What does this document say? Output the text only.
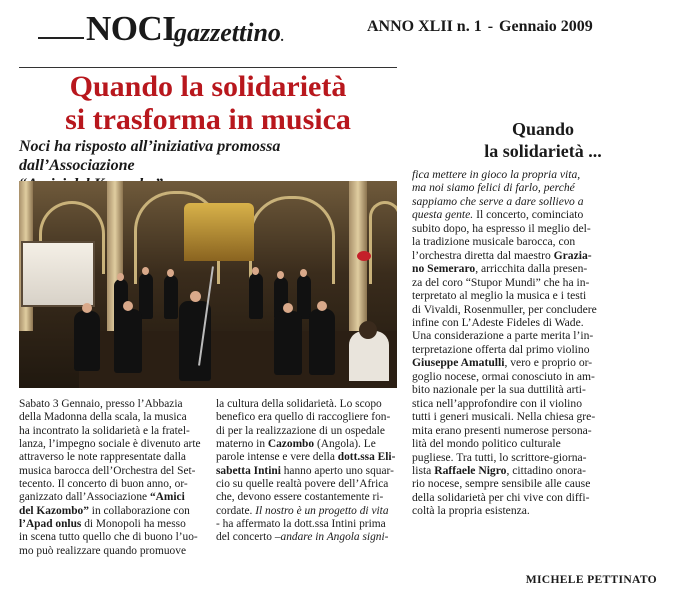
NOCI
gazzettino.
ANNO XLII n. 1 - Gennaio 2009
Quando la solidarietà
si trasforma in musica
Noci ha risposto all’iniziativa promossa dall’Associazione

Sabato 3 Gennaio, presso l’Abbazia

della Madonna della scala, la musica

ha incontrato la solidarietà e la fratel-

lanza, l’impegno sociale è divenuto arte

attraverso le note rappresentate dalla

musica barocca dell’Orchestra del Set-

tecento. Il concerto di buon anno, or-

ganizzato dall’Associazione “Amici

del Kazombo” in collaborazione con

l’Apad onlus di Monopoli ha messo

in scena tutto quello che di buono l’uo-

mo può realizzare quando promuove

la cultura della solidarietà. Lo scopo

benefico era quello di raccogliere fon-

di per la realizzazione di un ospedale

materno in Cazombo (Angola). Le

parole intense e vere della dott.ssa Eli-

sabetta Intini hanno aperto uno squar-

cio su quelle realtà povere dell’Africa

che, devono essere costantemente ri-

cordate. Il nostro è un progetto di vita

- ha affermato la dott.ssa Intini prima

del concerto –andare in Angola signi-

Quando
la solidarietà ...
fica mettere in gioco la propria vita,
ma noi siamo felici di farlo, perché
sappiamo che serve a dare sollievo a
questa gente. Il concerto, cominciato
subito dopo, ha espresso il meglio del-
la tradizione musicale barocca, con
l’orchestra diretta dal maestro Grazia-
no Semeraro, arricchita dalla presen-
za del coro “Stupor Mundi” che ha in-
terpretato al meglio la musica e i testi
di Vivaldi, Rosenmuller, per concludere
infine con L’Adeste Fideles di Wade.
Una considerazione a parte merita l’in-
terpretazione offerta dal primo violino
Giuseppe Amatulli, vero e proprio or-
goglio nocese, ormai conosciuto in am-
bito nazionale per la sua duttilità arti-
stica nell’approfondire con il violino
tutti i generi musicali. Nella chiesa gre-
mita erano presenti numerose persona-
lità del mondo politico culturale
pugliese. Tra tutti, lo scrittore-giorna-
lista Raffaele Nigro, cittadino onora-
rio nocese, sempre sensibile alle cause
della solidarietà per chi vive con diffi-
coltà la propria esistenza.
MICHELE PETTINATO
